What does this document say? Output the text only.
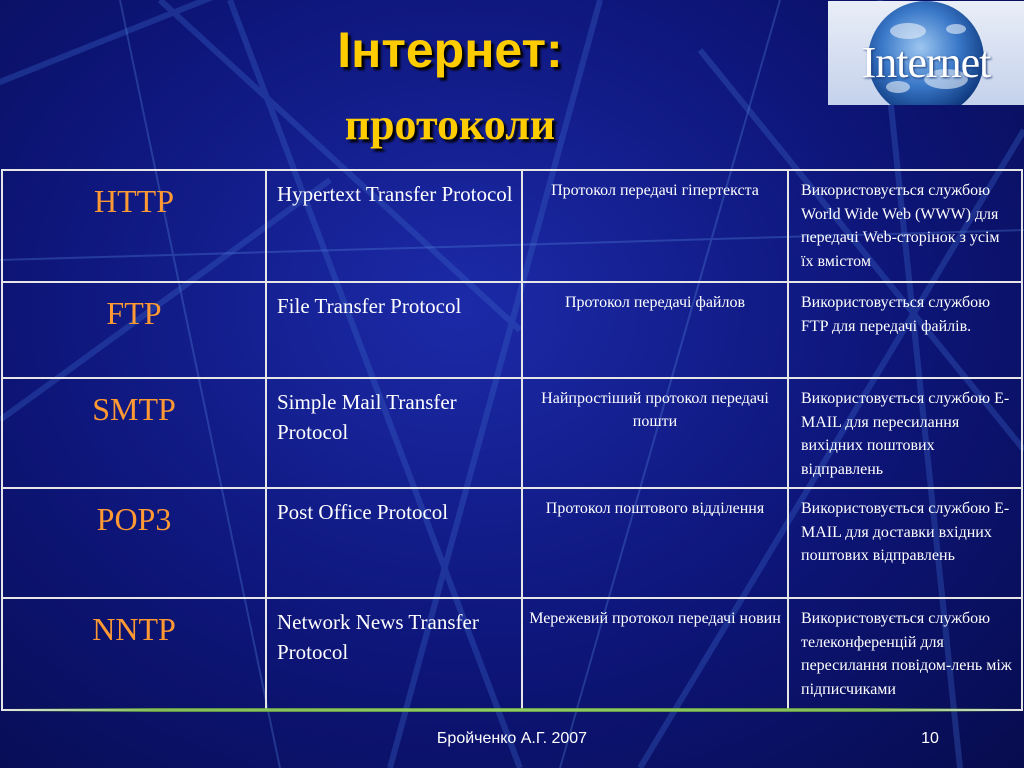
Інтернет:
протоколи
Internet
HTTP	Hypertext Transfer Protocol	Протокол передачі гіпертекста	Використовується службою World Wide Web (WWW) для передачі Web-сторінок з усім їх вмістом
FTP	File Transfer Protocol	Протокол передачі файлов	Використовується службою FTP для передачі файлів.
SMTP	Simple Mail Transfer Protocol	Найпростіший протокол передачі пошти	Використовується службою E-MAIL для пересилання вихідних поштових відправлень
POP3	Post Office Protocol	Протокол поштового відділення	Використовується службою E-MAIL для доставки вхідних поштових відправлень
NNTP	Network News Transfer Protocol	Мережевий протокол передачі новин	Використовується службою телеконференцій для пересилання повідом-лень між підписчиками
Бройченко А.Г. 2007	10
